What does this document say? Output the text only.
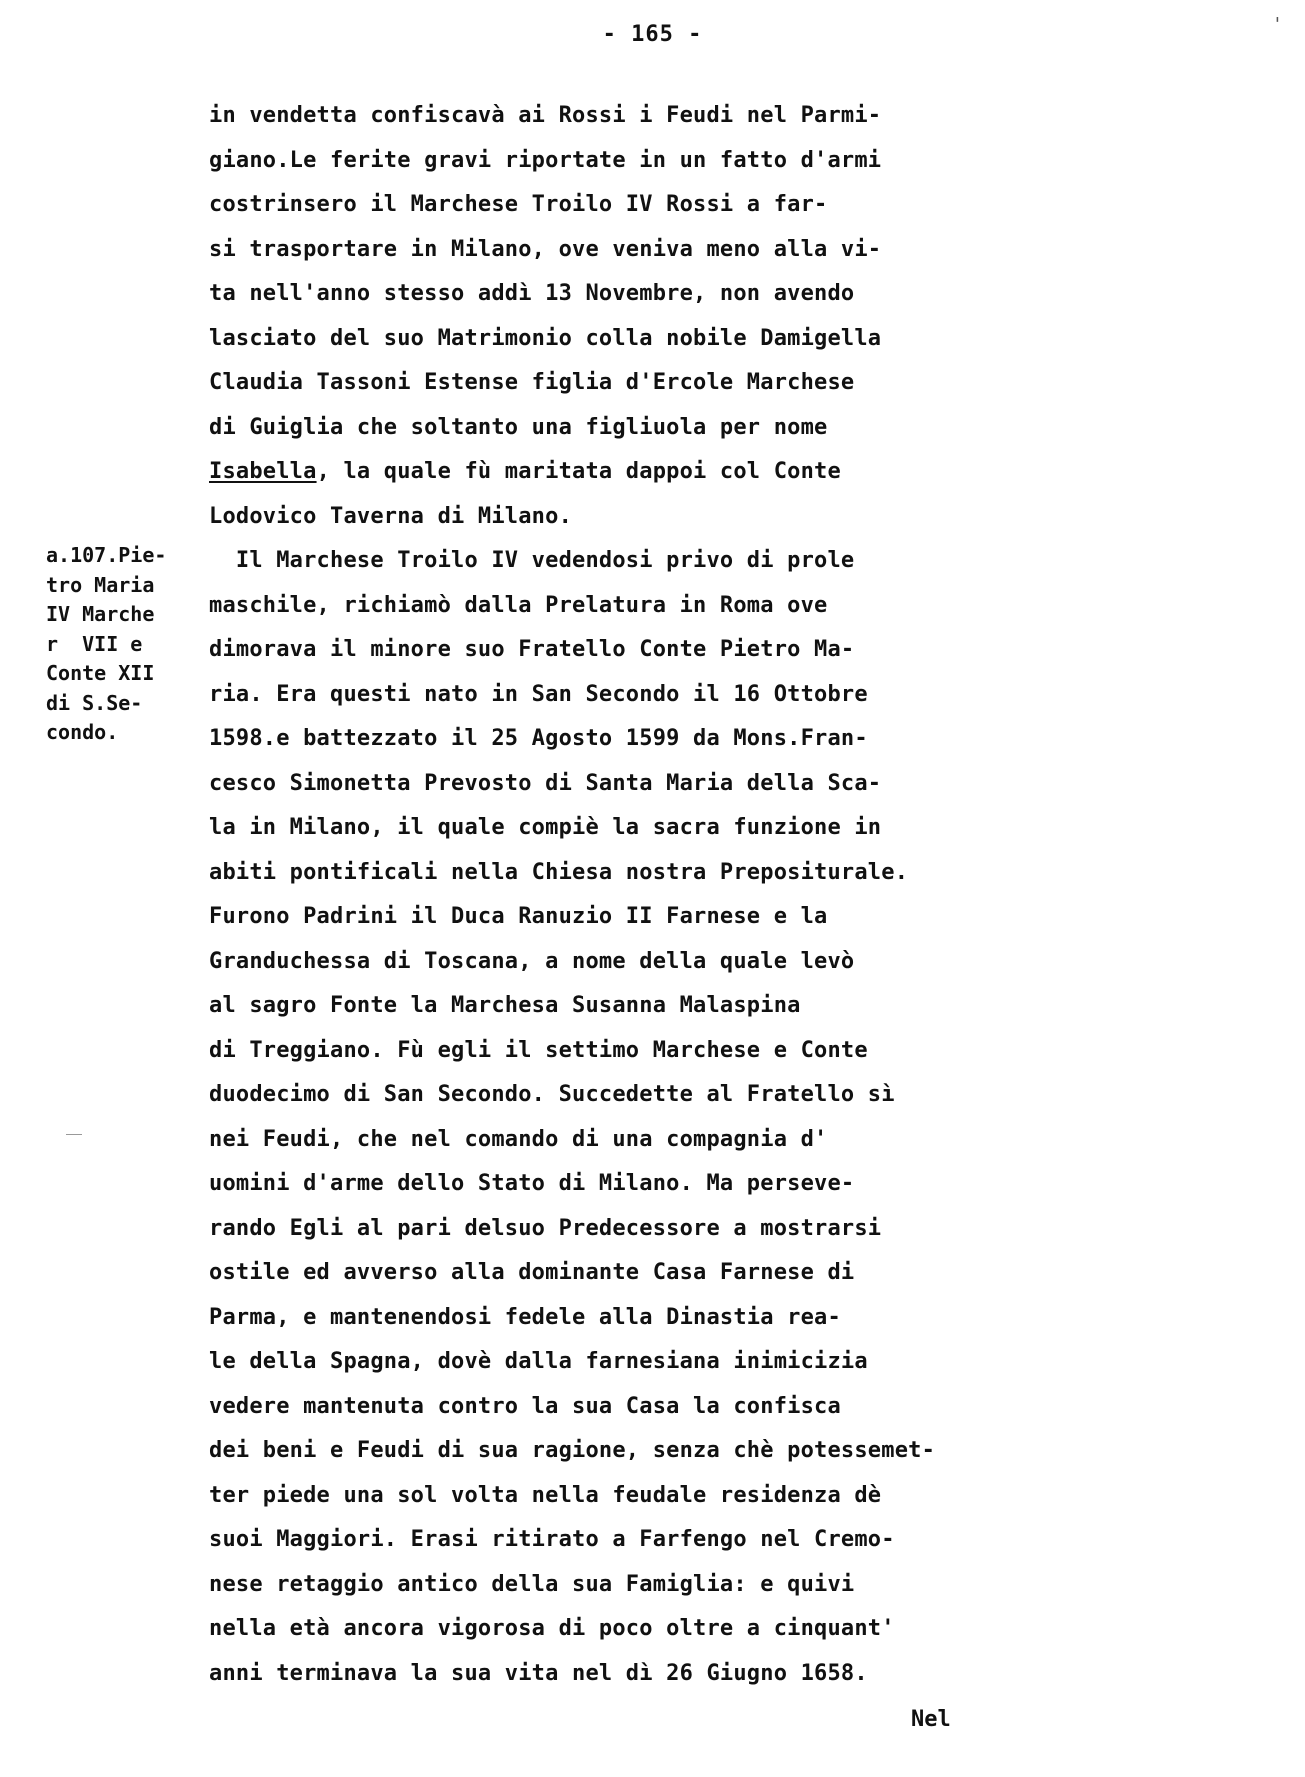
- 165 -	'
a.107.Pie-
tro Maria
IV Marche
r  VII e
Conte XII
di S.Se-
condo.
in vendetta confiscavà ai Rossi i Feudi nel Parmi-
giano.Le ferite gravi riportate in un fatto d'armi
costrinsero il Marchese Troilo IV Rossi a far-
si trasportare in Milano, ove veniva meno alla vi-
ta nell'anno stesso addì 13 Novembre, non avendo
lasciato del suo Matrimonio colla nobile Damigella
Claudia Tassoni Estense figlia d'Ercole Marchese
di Guiglia che soltanto una figliuola per nome
Isabella, la quale fù maritata dappoi col Conte
Lodovico Taverna di Milano.
Il Marchese Troilo IV vedendosi privo di prole
maschile, richiamò dalla Prelatura in Roma ove
dimorava il minore suo Fratello Conte Pietro Ma-
ria. Era questi nato in San Secondo il 16 Ottobre
1598.e battezzato il 25 Agosto 1599 da Mons.Fran-
cesco Simonetta Prevosto di Santa Maria della Sca-
la in Milano, il quale compiè la sacra funzione in
abiti pontificali nella Chiesa nostra Prepositurale.
Furono Padrini il Duca Ranuzio II Farnese e la
Granduchessa di Toscana, a nome della quale levò
al sagro Fonte la Marchesa Susanna Malaspina
di Treggiano. Fù egli il settimo Marchese e Conte
duodecimo di San Secondo. Succedette al Fratello sì
nei Feudi, che nel comando di una compagnia d'
uomini d'arme dello Stato di Milano. Ma perseve-
rando Egli al pari delsuo Predecessore a mostrarsi
ostile ed avverso alla dominante Casa Farnese di
Parma, e mantenendosi fedele alla Dinastia rea-
le della Spagna, dovè dalla farnesiana inimicizia
vedere mantenuta contro la sua Casa la confisca
dei beni e Feudi di sua ragione, senza chè potessemet-
ter piede una sol volta nella feudale residenza dè
suoi Maggiori. Erasi ritirato a Farfengo nel Cremo-
nese retaggio antico della sua Famiglia: e quivi
nella età ancora vigorosa di poco oltre a cinquant'
anni terminava la sua vita nel dì 26 Giugno 1658.
Nel
